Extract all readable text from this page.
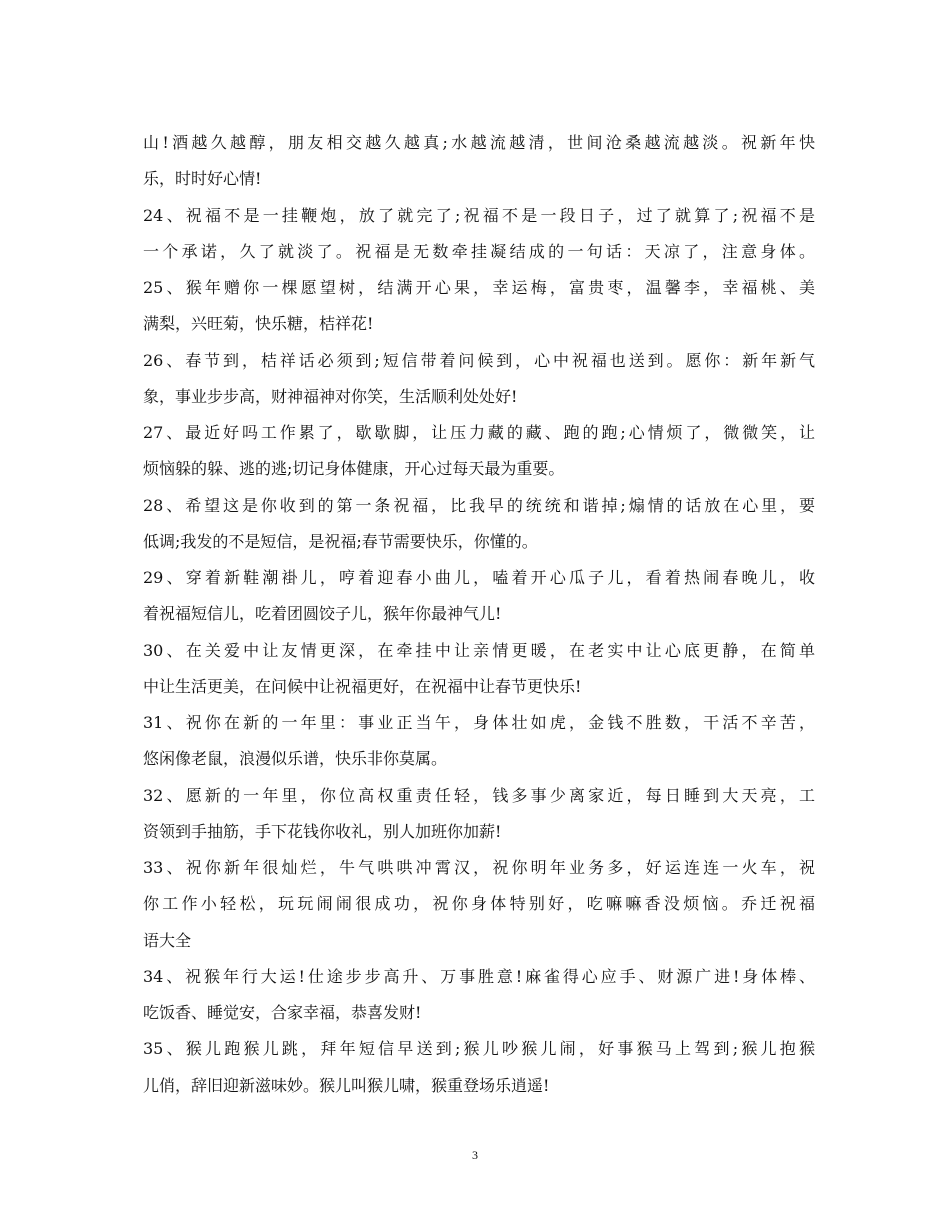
山!酒越久越醇，朋友相交越久越真;水越流越清，世间沧桑越流越淡。祝新年快
乐，时时好心情!
24、祝福不是一挂鞭炮，放了就完了;祝福不是一段日子，过了就算了;祝福不是
一个承诺，久了就淡了。祝福是无数牵挂凝结成的一句话：天凉了，注意身体。
25、猴年赠你一棵愿望树，结满开心果，幸运梅，富贵枣，温馨李，幸福桃、美
满梨，兴旺菊，快乐糖，桔祥花!
26、春节到，桔祥话必须到;短信带着问候到，心中祝福也送到。愿你：新年新气
象，事业步步高，财神福神对你笑，生活顺利处处好!
27、最近好吗工作累了，歇歇脚，让压力藏的藏、跑的跑;心情烦了，微微笑，让
烦恼躲的躲、逃的逃;切记身体健康，开心过每天最为重要。
28、希望这是你收到的第一条祝福，比我早的统统和谐掉;煽情的话放在心里，要
低调;我发的不是短信，是祝福;春节需要快乐，你懂的。
29、穿着新鞋潮褂儿，哼着迎春小曲儿，嗑着开心瓜子儿，看着热闹春晚儿，收
着祝福短信儿，吃着团圆饺子儿，猴年你最神气儿!
30、在关爱中让友情更深，在牵挂中让亲情更暖，在老实中让心底更静，在简单
中让生活更美，在问候中让祝福更好，在祝福中让春节更快乐!
31、祝你在新的一年里：事业正当午，身体壮如虎，金钱不胜数，干活不辛苦，
悠闲像老鼠，浪漫似乐谱，快乐非你莫属。
32、愿新的一年里，你位高权重责任轻，钱多事少离家近，每日睡到大天亮，工
资领到手抽筋，手下花钱你收礼，别人加班你加薪!
33、祝你新年很灿烂，牛气哄哄冲霄汉，祝你明年业务多，好运连连一火车，祝
你工作小轻松，玩玩闹闹很成功，祝你身体特别好，吃嘛嘛香没烦恼。乔迁祝福
语大全
34、祝猴年行大运!仕途步步高升、万事胜意!麻雀得心应手、财源广进!身体棒、
吃饭香、睡觉安，合家幸福，恭喜发财!
35、猴儿跑猴儿跳，拜年短信早送到;猴儿吵猴儿闹，好事猴马上驾到;猴儿抱猴
儿俏，辞旧迎新滋味妙。猴儿叫猴儿啸，猴重登场乐逍遥!
3
